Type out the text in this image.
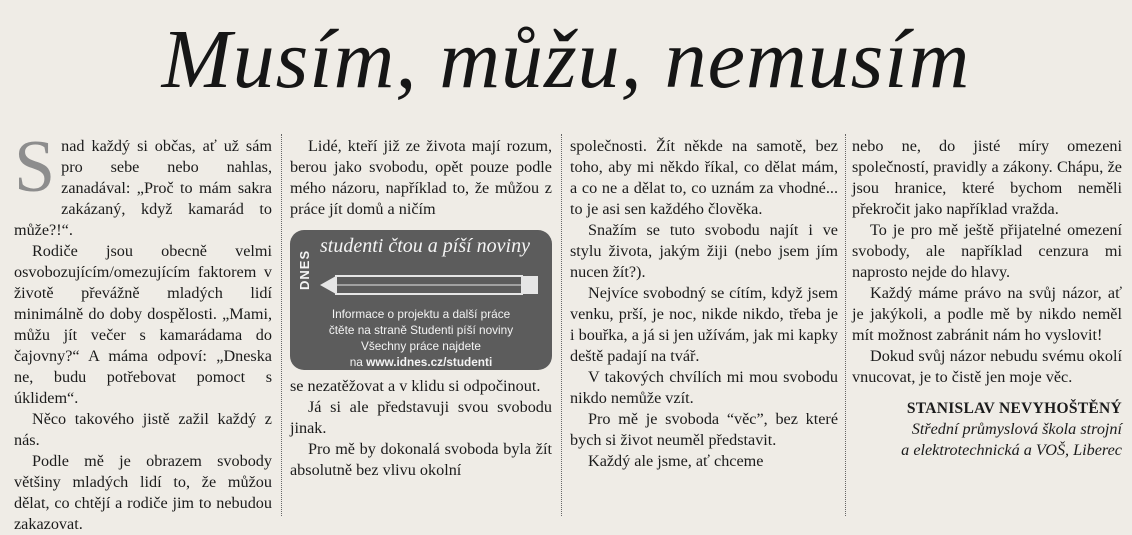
Musím, můžu, nemusím

Snad každý si občas, ať už sám pro sebe nebo nahlas, zanadával: „Proč to mám sakra zakázaný, když kamarád to může?!“.

Rodiče jsou obecně velmi osvobozujícím/omezujícím faktorem v životě převážně mladých lidí minimálně do doby dospělosti. „Mami, můžu jít večer s kamarádama do čajovny?“ A máma odpoví: „Dneska ne, budu potřebovat pomoct s úklidem“.

Něco takového jistě zažil každý z nás.

Podle mě je obrazem svobody většiny mladých lidí to, že můžou dělat, co chtějí a rodiče jim to nebudou zakazovat.

Lidé, kteří již ze života mají rozum, berou jako svobodu, opět pouze podle mého názoru, například to, že můžou z práce jít domů a ničím

DNES
studenti čtou a píší noviny
Informace o projektu a další práce
čtěte na straně Studenti píší noviny
Všechny práce najdete
na www.idnes.cz/studenti

se nezatěžovat a v klidu si odpočinout.

Já si ale představuji svou svobodu jinak.

Pro mě by dokonalá svoboda byla žít absolutně bez vlivu okolní

společnosti. Žít někde na samotě, bez toho, aby mi někdo říkal, co dělat mám, a co ne a dělat to, co uznám za vhodné... to je asi sen každého člověka.

Snažím se tuto svobodu najít i ve stylu života, jakým žiji (nebo jsem jím nucen žít?).

Nejvíce svobodný se cítím, když jsem venku, prší, je noc, nikde nikdo, třeba je i bouřka, a já si jen užívám, jak mi kapky deště padají na tvář.

V takových chvílích mi mou svobodu nikdo nemůže vzít.

Pro mě je svoboda “věc”, bez které bych si život neuměl představit.

Každý ale jsme, ať chceme

nebo ne, do jisté míry omezeni společností, pravidly a zákony. Chápu, že jsou hranice, které bychom neměli překročit jako například vražda.

To je pro mě ještě přijatelné omezení svobody, ale například cenzura mi naprosto nejde do hlavy.

Každý máme právo na svůj názor, ať je jakýkoli, a podle mě by nikdo neměl mít možnost zabránit nám ho vyslovit!

Dokud svůj názor nebudu svému okolí vnucovat, je to čistě jen moje věc.

STANISLAV NEVYHOŠTĚNÝ
Střední průmyslová škola strojní
a elektrotechnická a VOŠ, Liberec
